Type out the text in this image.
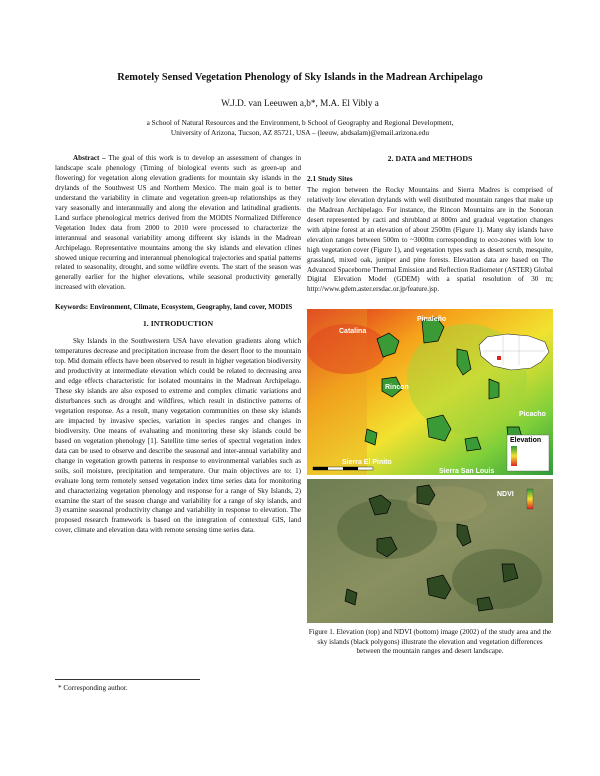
Remotely Sensed Vegetation Phenology of Sky Islands in the Madrean Archipelago
W.J.D. van Leeuwen a,b*, M.A. El Vibly a
a School of Natural Resources and the Environment, b School of Geography and Regional Development,
University of Arizona, Tucson, AZ 85721, USA – (leeuw, abdsalam)@email.arizona.edu

Abstract – The goal of this work is to develop an assessment of changes in landscape scale phenology (Timing of biological events such as green-up and flowering) for vegetation along elevation gradients for mountain sky islands in the drylands of the Southwest US and Northern Mexico. The main goal is to better understand the variability in climate and vegetation green-up relationships as they vary seasonally and interannually and along the elevation and latitudinal gradients. Land surface phenological metrics derived from the MODIS Normalized Difference Vegetation Index data from 2000 to 2010 were processed to characterize the interannual and seasonal variability among different sky islands in the Madrean Archipelago. Representative mountains among the sky islands and elevation clines showed unique recurring and interannual phenological trajectories and spatial patterns related to seasonality, drought, and some wildfire events. The start of the season was generally earlier for the higher elevations, while seasonal productivity generally increased with elevation.

Keywords: Environment, Climate, Ecosystem, Geography, land cover, MODIS

1. INTRODUCTION

Sky Islands in the Southwestern USA have elevation gradients along which temperatures decrease and precipitation increase from the desert floor to the mountain top. Mid domain effects have been observed to result in higher vegetation biodiversity and productivity at intermediate elevation which could be related to decreasing area and edge effects characteristic for isolated mountains in the Madrean Archipelago. These sky islands are also exposed to extreme and complex climatic variations and disturbances such as drought and wildfires, which result in distinctive patterns of vegetation response. As a result, many vegetation communities on these sky islands are impacted by invasive species, variation in species ranges and changes in biodiversity. One means of evaluating and monitoring these sky islands could be based on vegetation phenology [1]. Satellite time series of spectral vegetation index data can be used to observe and describe the seasonal and inter-annual variability and change in vegetation growth patterns in response to environmental variables such as soils, soil moisture, precipitation and temperature. Our main objectives are to: 1) evaluate long term remotely sensed vegetation index time series data for monitoring and characterizing vegetation phenology and response for a range of Sky Islands, 2) examine the start of the season change and variability for a range of sky islands, and 3) examine seasonal productivity change and variability in response to elevation. The proposed research framework is based on the integration of contextual GIS, land cover, climate and elevation data with remote sensing time series data.

2. DATA and METHODS
2.1 Study Sites

The region between the Rocky Mountains and Sierra Madres is comprised of relatively low elevation drylands with well distributed mountain ranges that make up the Madrean Archipelago. For instance, the Rincon Mountains are in the Sonoran desert represented by cacti and shrubland at 800m and gradual vegetation changes with alpine forest at an elevation of about 2500m (Figure 1). Many sky islands have elevation ranges between 500m to ~3000m corresponding to eco-zones with low to high vegetation cover (Figure 1), and vegetation types such as desert scrub, mesquite, grassland, mixed oak, juniper and pine forests. Elevation data are based on The Advanced Spaceborne Thermal Emission and Reflection Radiometer (ASTER) Global Digital Elevation Model (GDEM) with a spatial resolution of 30 m; http://www.gdem.aster.ersdac.or.jp/feature.jsp.

Elevation
Pinaleño
Catalina
Rincon
Picacho
Sierra El Pinito
Sierra San Louis
NDVI
Figure 1. Elevation (top) and NDVI (bottom) image (2002) of the study area and the sky islands (black polygons) illustrate the elevation and vegetation differences between the mountain ranges and desert landscape.
* Corresponding author.
